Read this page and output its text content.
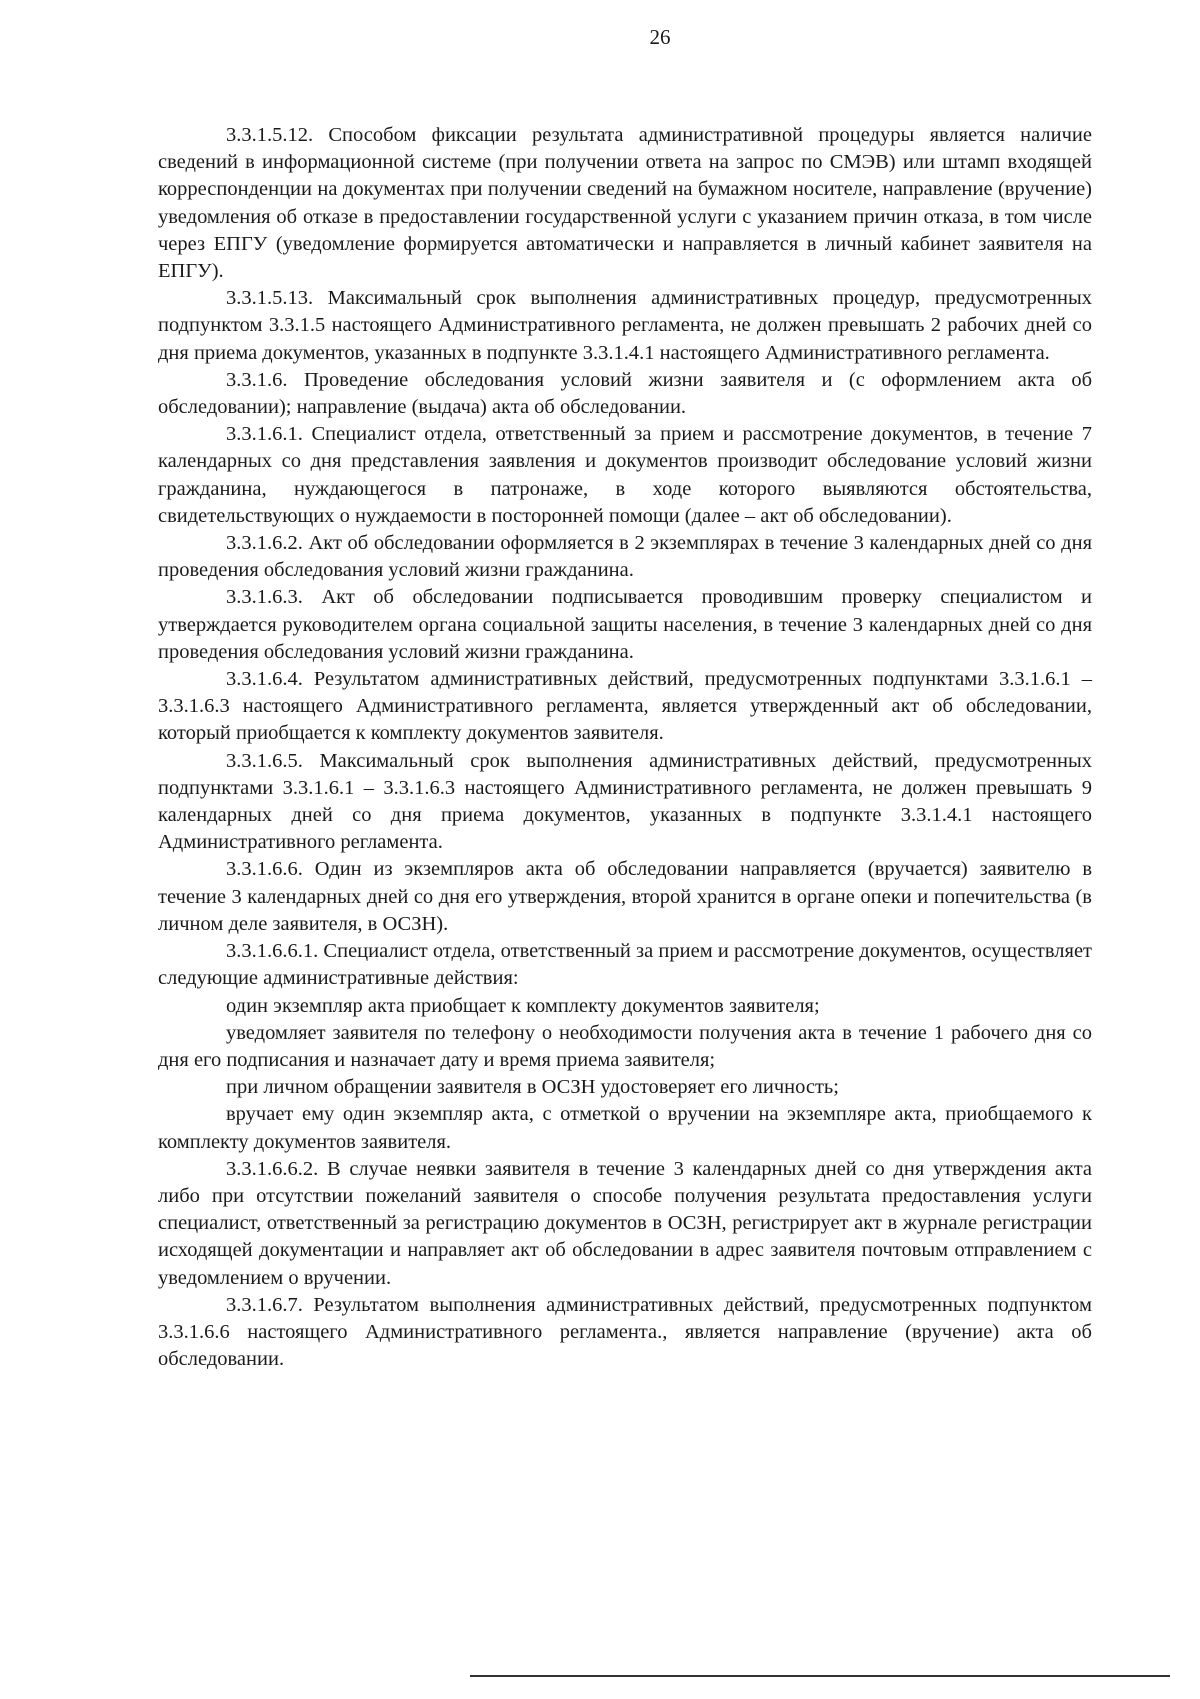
26

3.3.1.5.12. Способом фиксации результата административной процедуры является наличие сведений в информационной системе (при получении ответа на запрос по СМЭВ) или штамп входящей корреспонденции на документах при получении сведений на бумажном носителе, направление (вручение) уведомления об отказе в предоставлении государственной услуги с указанием причин отказа, в том числе через ЕПГУ (уведомление формируется автоматически и направляется в личный кабинет заявителя на ЕПГУ).

3.3.1.5.13. Максимальный срок выполнения административных процедур, предусмотренных подпунктом 3.3.1.5 настоящего Административного регламента, не должен превышать 2 рабочих дней со дня приема документов, указанных в подпункте 3.3.1.4.1 настоящего Административного регламента.

3.3.1.6. Проведение обследования условий жизни заявителя и (с оформлением акта об обследовании); направление (выдача) акта об обследовании.

3.3.1.6.1. Специалист отдела, ответственный за прием и рассмотрение документов, в течение 7 календарных со дня представления заявления и документов производит обследование условий жизни гражданина, нуждающегося в патронаже, в ходе которого выявляются обстоятельства, свидетельствующих о нуждаемости в посторонней помощи (далее – акт об обследовании).

3.3.1.6.2. Акт об обследовании оформляется в 2 экземплярах в течение 3 календарных дней со дня проведения обследования условий жизни гражданина.

3.3.1.6.3. Акт об обследовании подписывается проводившим проверку специалистом и утверждается руководителем органа социальной защиты населения, в течение 3 календарных дней со дня проведения обследования условий жизни гражданина.

3.3.1.6.4. Результатом административных действий, предусмотренных подпунктами 3.3.1.6.1 – 3.3.1.6.3 настоящего Административного регламента, является утвержденный акт об обследовании, который приобщается к комплекту документов заявителя.

3.3.1.6.5. Максимальный срок выполнения административных действий, предусмотренных подпунктами 3.3.1.6.1 – 3.3.1.6.3 настоящего Административного регламента, не должен превышать 9 календарных дней со дня приема документов, указанных в подпункте 3.3.1.4.1 настоящего Административного регламента.

3.3.1.6.6. Один из экземпляров акта об обследовании направляется (вручается) заявителю в течение 3 календарных дней со дня его утверждения, второй хранится в органе опеки и попечительства (в личном деле заявителя, в ОСЗН).

3.3.1.6.6.1. Специалист отдела, ответственный за прием и рассмотрение документов, осуществляет следующие административные действия:

один экземпляр акта приобщает к комплекту документов заявителя;

уведомляет заявителя по телефону о необходимости получения акта в течение 1 рабочего дня со дня его подписания и назначает дату и время приема заявителя;

при личном обращении заявителя в ОСЗН удостоверяет его личность;

вручает ему один экземпляр акта, с отметкой о вручении на экземпляре акта, приобщаемого к комплекту документов заявителя.

3.3.1.6.6.2. В случае неявки заявителя в течение 3 календарных дней со дня утверждения акта либо при отсутствии пожеланий заявителя о способе получения результата предоставления услуги специалист, ответственный за регистрацию документов в ОСЗН, регистрирует акт в журнале регистрации исходящей документации и направляет акт об обследовании в адрес заявителя почтовым отправлением с уведомлением о вручении.

3.3.1.6.7. Результатом выполнения административных действий, предусмотренных подпунктом 3.3.1.6.6 настоящего Административного регламента., является направление (вручение) акта об обследовании.
